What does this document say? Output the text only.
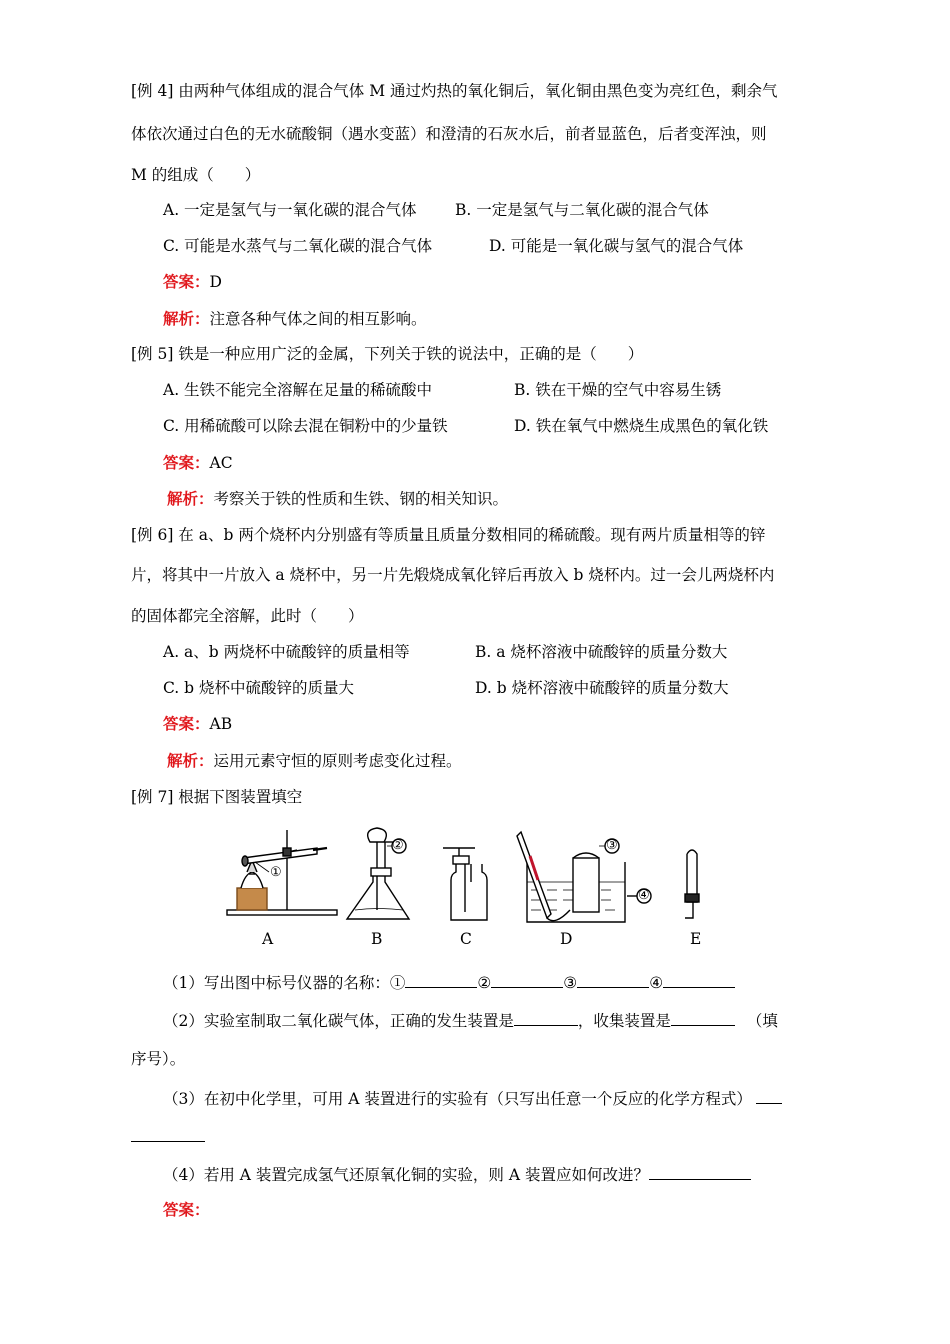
[例 4] 由两种气体组成的混合气体 M 通过灼热的氧化铜后，氧化铜由黑色变为亮红色，剩余气
体依次通过白色的无水硫酸铜（遇水变蓝）和澄清的石灰水后，前者显蓝色，后者变浑浊，则
M 的组成（　　）
A. 一定是氢气与一氧化碳的混合气体 B. 一定是氢气与二氧化碳的混合气体
C. 可能是水蒸气与二氧化碳的混合气体	D. 可能是一氧化碳与氢气的混合气体
答案：D
解析：注意各种气体之间的相互影响。
[例 5] 铁是一种应用广泛的金属，下列关于铁的说法中，正确的是（　　）
A. 生铁不能完全溶解在足量的稀硫酸中	B. 铁在干燥的空气中容易生锈
C. 用稀硫酸可以除去混在铜粉中的少量铁	D. 铁在氧气中燃烧生成黑色的氧化铁
答案：AC
解析：考察关于铁的性质和生铁、钢的相关知识。
[例 6] 在 a、b 两个烧杯内分别盛有等质量且质量分数相同的稀硫酸。现有两片质量相等的锌
片，将其中一片放入 a 烧杯中，另一片先煅烧成氧化锌后再放入 b 烧杯内。过一会儿两烧杯内
的固体都完全溶解，此时（　　）
A. a、b 两烧杯中硫酸锌的质量相等	B. a 烧杯溶液中硫酸锌的质量分数大
C. b 烧杯中硫酸锌的质量大	D. b 烧杯溶液中硫酸锌的质量分数大
答案：AB
解析：运用元素守恒的原则考虑变化过程。
[例 7] 根据下图装置填空
①
②	③
④
A	B	C	D	E
（1）写出图中标号仪器的名称：①	②	③	④
（2）实验室制取二氧化碳气体，正确的发生装置是	，收集装置是	（填
序号）。
（3）在初中化学里，可用 A 装置进行的实验有（只写出任意一个反应的化学方程式）
（4）若用 A 装置完成氢气还原氧化铜的实验，则 A 装置应如何改进？
答案：
